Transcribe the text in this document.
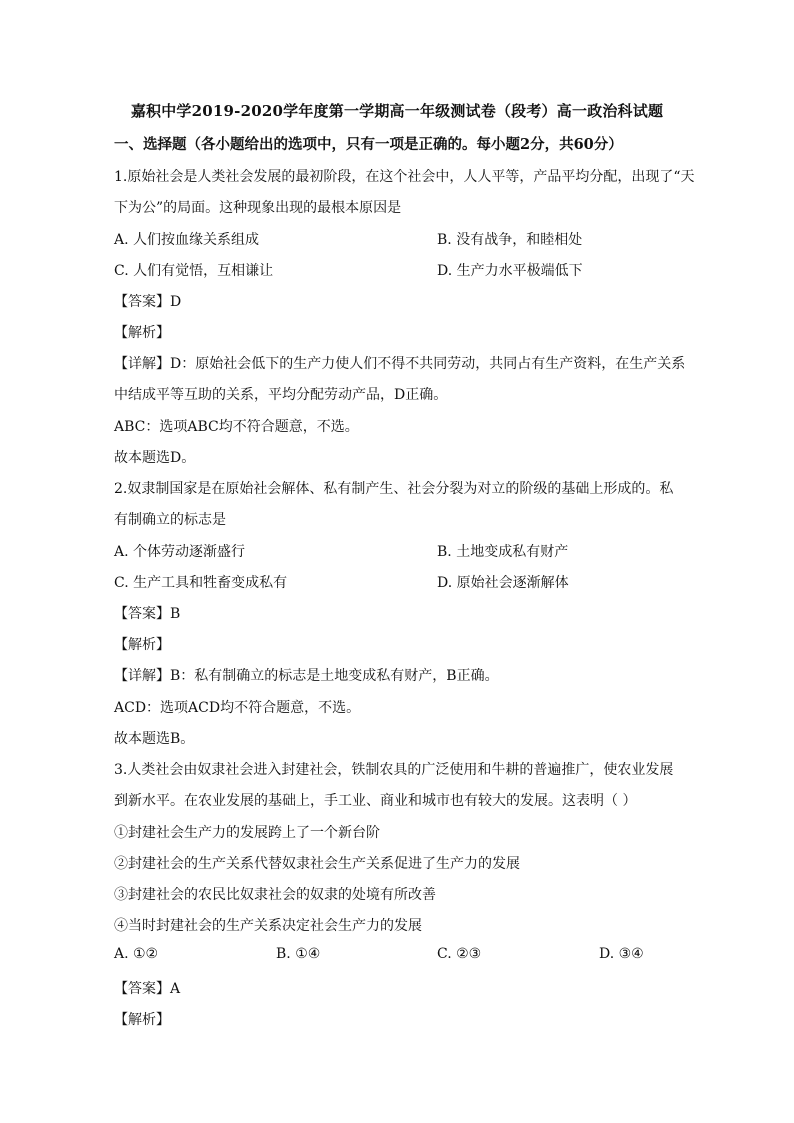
嘉积中学2019-2020学年度第一学期高一年级测试卷（段考）高一政治科试题
一、选择题（各小题给出的选项中，只有一项是正确的。每小题2分，共60分）
1.原始社会是人类社会发展的最初阶段，在这个社会中，人人平等，产品平均分配，出现了“天
下为公”的局面。这种现象出现的最根本原因是
A. 人们按血缘关系组成	B. 没有战争，和睦相处
C. 人们有觉悟，互相谦让	D. 生产力水平极端低下
【答案】D
【解析】
【详解】D：原始社会低下的生产力使人们不得不共同劳动，共同占有生产资料，在生产关系
中结成平等互助的关系，平均分配劳动产品，D正确。
ABC：选项ABC均不符合题意，不选。
故本题选D。
2.奴隶制国家是在原始社会解体、私有制产生、社会分裂为对立的阶级的基础上形成的。私
有制确立的标志是
A. 个体劳动逐渐盛行	B. 土地变成私有财产
C. 生产工具和牲畜变成私有	D. 原始社会逐渐解体
【答案】B
【解析】
【详解】B：私有制确立的标志是土地变成私有财产，B正确。
ACD：选项ACD均不符合题意，不选。
故本题选B。
3.人类社会由奴隶社会进入封建社会，铁制农具的广泛使用和牛耕的普遍推广，使农业发展
到新水平。在农业发展的基础上，手工业、商业和城市也有较大的发展。这表明（ ）
①封建社会生产力的发展跨上了一个新台阶
②封建社会的生产关系代替奴隶社会生产关系促进了生产力的发展
③封建社会的农民比奴隶社会的奴隶的处境有所改善
④当时封建社会的生产关系决定社会生产力的发展
A. ①②	B. ①④	C. ②③	D. ③④
【答案】A
【解析】
